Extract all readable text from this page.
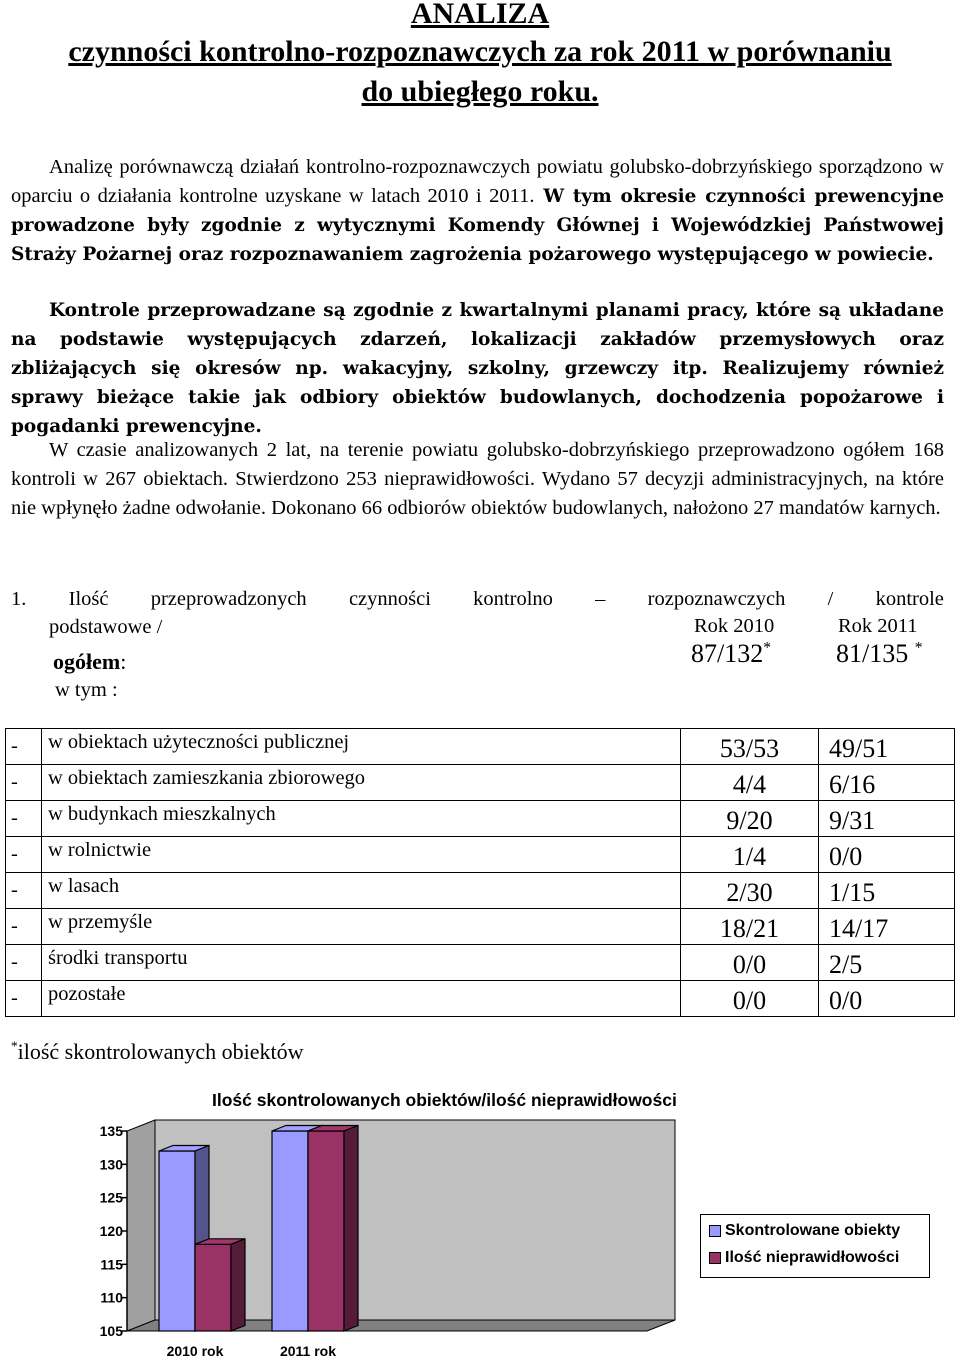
ANALIZA

czynności kontrolno-rozpoznawczych za rok 2011 w porównaniu

do ubiegłego roku.

Analizę porównawczą działań kontrolno-rozpoznawczych powiatu golubsko-dobrzyńskiego sporządzono w oparciu o działania kontrolne uzyskane w latach 2010 i 2011. W tym okresie czynności prewencyjne prowadzone były zgodnie z wytycznymi Komendy Głównej i Wojewódzkiej Państwowej Straży Pożarnej oraz rozpoznawaniem zagrożenia pożarowego występującego w powiecie.

Kontrole przeprowadzane są zgodnie z kwartalnymi planami pracy, które są układane na podstawie występujących zdarzeń, lokalizacji zakładów przemysłowych oraz zbliżających się okresów np. wakacyjny, szkolny, grzewczy itp. Realizujemy również sprawy bieżące takie jak odbiory obiektów budowlanych, dochodzenia popożarowe i pogadanki prewencyjne.

W czasie analizowanych 2 lat, na terenie powiatu golubsko-dobrzyńskiego przeprowadzono ogółem 168 kontroli w 267 obiektach. Stwierdzono 253 nieprawidłowości. Wydano 57 decyzji administracyjnych, na które nie wpłynęło żadne odwołanie. Dokonano 66 odbiorów obiektów budowlanych, nałożono 27 mandatów karnych.

1. Ilość przeprowadzonych czynności kontrolno – rozpoznawczych / kontrole
podstawowe /	Rok 2010	Rok 2011
ogółem:	87/132* 81/135 *
w tym :
-	w obiektach użyteczności publicznej	53/53	49/51
-	w obiektach zamieszkania zbiorowego	4/4	6/16
-	w budynkach mieszkalnych	9/20	9/31
-	w rolnictwie	1/4	0/0
-	w lasach	2/30	1/15
-	w przemyśle	18/21	14/17
-	środki transportu	0/0	2/5
-	pozostałe	0/0	0/0
*ilość skontrolowanych obiektów
Ilość skontrolowanych obiektów/ilość nieprawidłowości
105
110
115
120
125
130
135
2010 rok	2011 rok
Skontrolowane obiekty
Ilość nieprawidłowości
